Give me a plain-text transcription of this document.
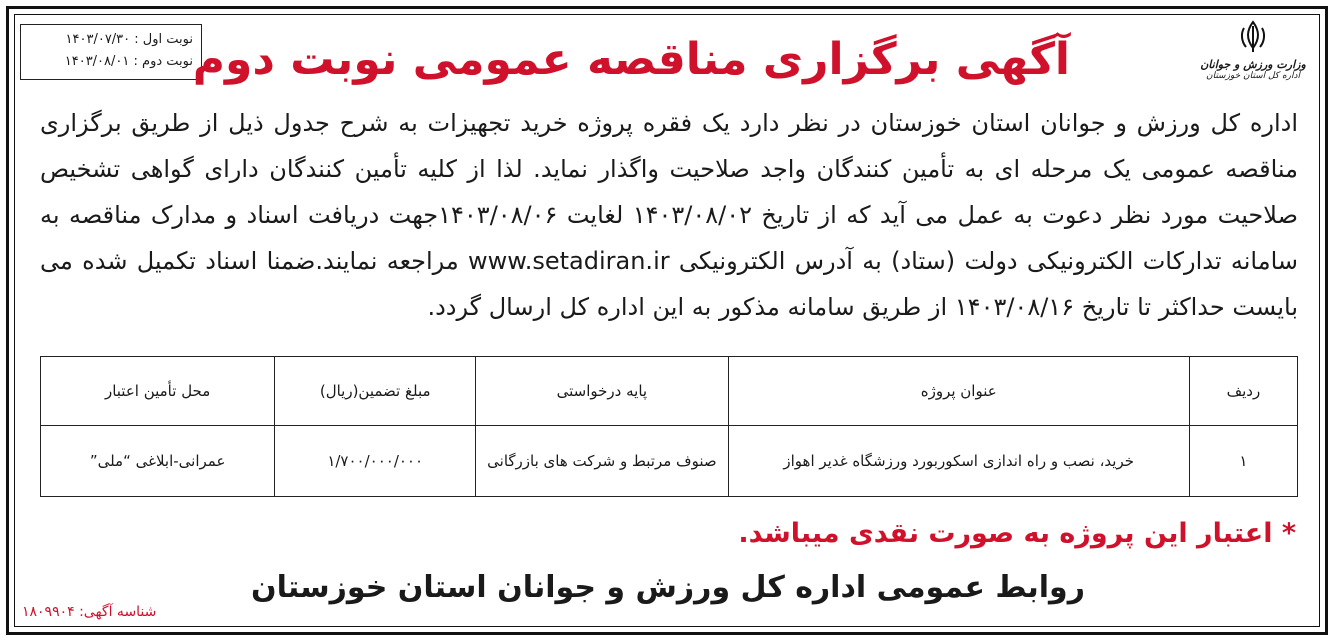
نوبت اول : ۱۴۰۳/۰۷/۳۰
نوبت دوم : ۱۴۰۳/۰۸/۰۱	وزارت ورزش و جوانان
اداره کل استان خوزستان
آگهی برگزاری مناقصه عمومی نوبت دوم

اداره کل ورزش و جوانان استان خوزستان در نظر دارد یک فقره پروژه خرید تجهیزات به شرح جدول ذیل از طریق برگزاری مناقصه عمومی یک مرحله ای به تأمین کنندگان واجد صلاحیت واگذار نماید. لذا از کلیه تأمین کنندگان دارای گواهی تشخیص صلاحیت مورد نظر دعوت به عمل می آید که از تاریخ ۱۴۰۳/۰۸/۰۲ لغایت ۱۴۰۳/۰۸/۰۶جهت دریافت اسناد و مدارک مناقصه به سامانه تدارکات الکترونیکی دولت (ستاد) به آدرس الکترونیکی www.setadiran.ir مراجعه نمایند.ضمنا اسناد تکمیل شده می بایست حداکثر تا تاریخ ۱۴۰۳/۰۸/۱۶ از طریق سامانه مذکور به این اداره کل ارسال گردد.

ردیف	عنوان پروژه	پایه درخواستی	مبلغ تضمین(ریال)	محل تأمین اعتبار
۱	خرید، نصب و راه اندازی اسکوربورد ورزشگاه غدیر اهواز	صنوف مرتبط و شرکت های بازرگانی	۱/۷۰۰/۰۰۰/۰۰۰	عمرانی-ابلاغی “ملی”
* اعتبار این پروژه به صورت نقدی میباشد.
روابط عمومی اداره کل ورزش و جوانان استان خوزستان
شناسه آگهی: ۱۸۰۹۹۰۴
